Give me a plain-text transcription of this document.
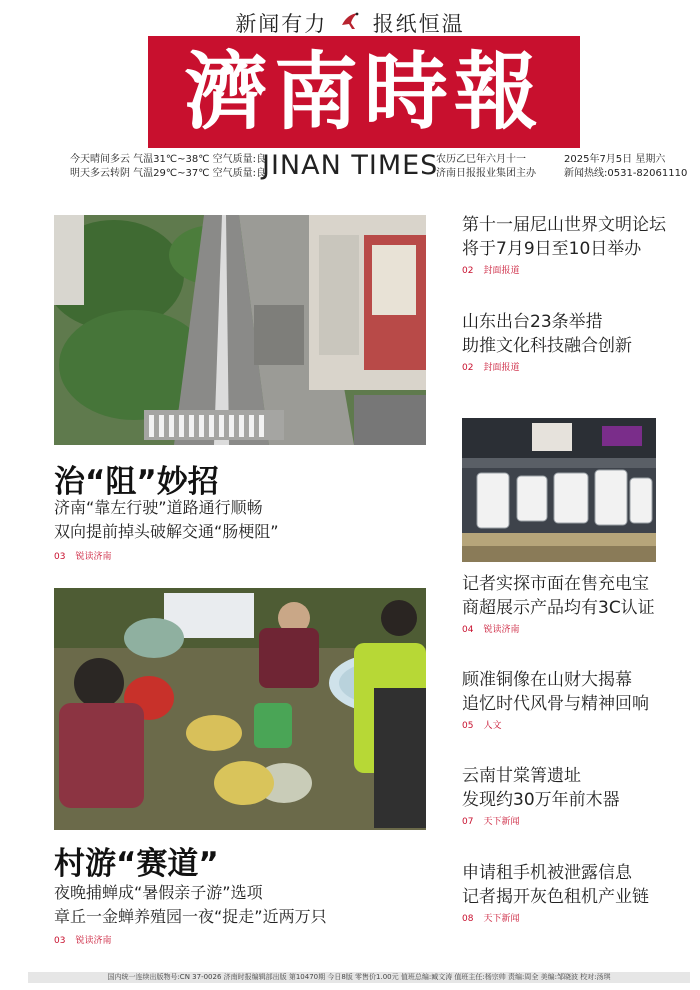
新闻有力 报纸恒温
濟南時報
今天晴间多云 气温31℃~38℃ 空气质量:良
明天多云转阴 气温29℃~37℃ 空气质量:良
JINAN TIMES
农历乙巳年六月十一
济南日报报业集团主办
2025年7月5日 星期六
新闻热线:0531-82061110
治“阻”妙招
济南“靠左行驶”道路通行顺畅
双向提前掉头破解交通“肠梗阻”
03 锐读济南
村游“赛道”
夜晚捕蝉成“暑假亲子游”选项
章丘一金蝉养殖园一夜“捉走”近两万只
03 锐读济南
第十一届尼山世界文明论坛
将于7月9日至10日举办
02 封面报道
山东出台23条举措
助推文化科技融合创新
02 封面报道
记者实探市面在售充电宝
商超展示产品均有3C认证
04 锐读济南
顾准铜像在山财大揭幕
追忆时代风骨与精神回响
05 人文
云南甘棠箐遗址
发现约30万年前木器
07 天下新闻
申请租手机被泄露信息
记者揭开灰色租机产业链
08 天下新闻
国内统一连续出版物号:CN 37-0026 济南时报编辑部出版 第10470期 今日8版 零售价1.00元 值班总编:臧文涛 值班主任:杨宗帅 责编:周全 美编:邹晓波 校对:汤琪
